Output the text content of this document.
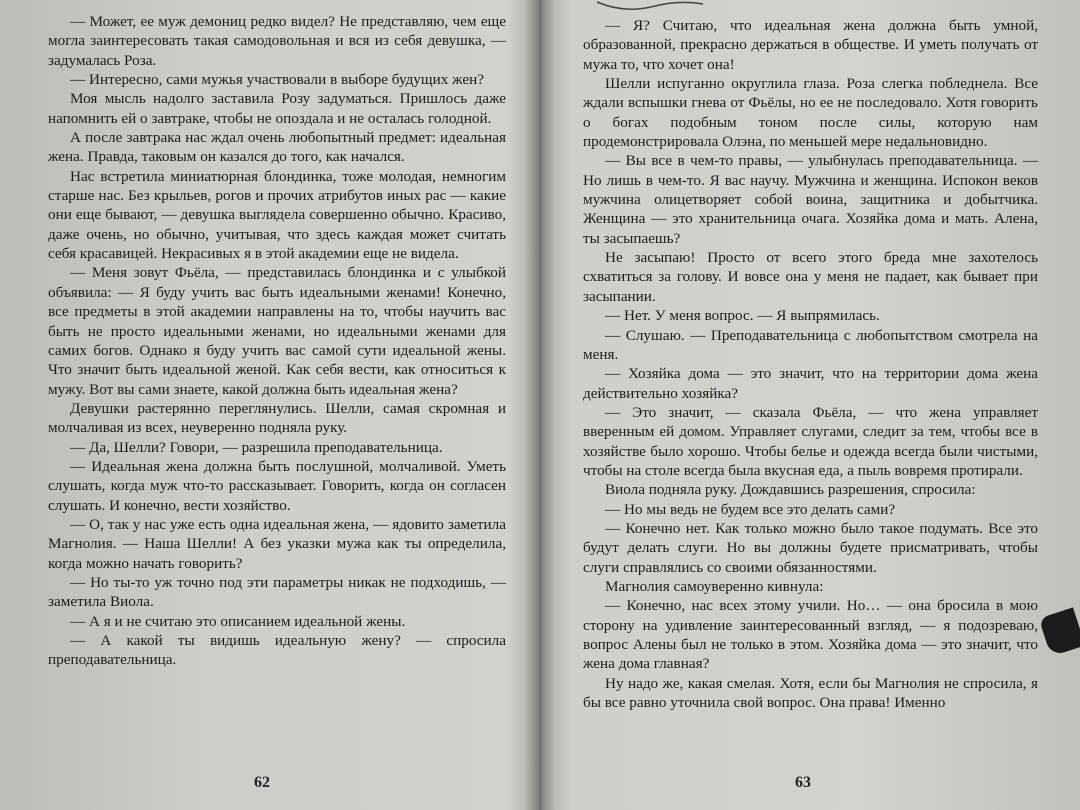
— Может, ее муж демониц редко видел? Не представляю, чем еще могла заинтересовать такая самодовольная и вся из себя девушка, — задумалась Роза.

— Интересно, сами мужья участвовали в выборе будущих жен?

Моя мысль надолго заставила Розу задуматься. Пришлось даже напомнить ей о завтраке, чтобы не опоздала и не осталась голодной.

А после завтрака нас ждал очень любопытный предмет: идеальная жена. Правда, таковым он казался до того, как начался.

Нас встретила миниатюрная блондинка, тоже молодая, немногим старше нас. Без крыльев, рогов и прочих атрибутов иных рас — какие они еще бывают, — девушка выглядела совершенно обычно. Красиво, даже очень, но обычно, учитывая, что здесь каждая может считать себя красавицей. Некрасивых я в этой академии еще не видела.

— Меня зовут Фьёла, — представилась блондинка и с улыбкой объявила: — Я буду учить вас быть идеальными женами! Конечно, все предметы в этой академии направлены на то, чтобы научить вас быть не просто идеальными женами, но идеальными женами для самих богов. Однако я буду учить вас самой сути идеальной жены. Что значит быть идеальной женой. Как себя вести, как относиться к мужу. Вот вы сами знаете, какой должна быть идеальная жена?

Девушки растерянно переглянулись. Шелли, самая скромная и молчаливая из всех, неуверенно подняла руку.

— Да, Шелли? Говори, — разрешила преподавательница.

— Идеальная жена должна быть послушной, молчаливой. Уметь слушать, когда муж что-то рассказывает. Говорить, когда он согласен слушать. И конечно, вести хозяйство.

— О, так у нас уже есть одна идеальная жена, — ядовито заметила Магнолия. — Наша Шелли! А без указки мужа как ты определила, когда можно начать говорить?

— Но ты-то уж точно под эти параметры никак не подходишь, — заметила Виола.

— А я и не считаю это описанием идеальной жены.

— А какой ты видишь идеальную жену? — спросила преподавательница.

62

— Я? Считаю, что идеальная жена должна быть умной, образованной, прекрасно держаться в обществе. И уметь получать от мужа то, что хочет она!

Шелли испуганно округлила глаза. Роза слегка побледнела. Все ждали вспышки гнева от Фьёлы, но ее не последовало. Хотя говорить о богах подобным тоном после силы, которую нам продемонстрировала Олэна, по меньшей мере недальновидно.

— Вы все в чем-то правы, — улыбнулась преподавательница. — Но лишь в чем-то. Я вас научу. Мужчина и женщина. Испокон веков мужчина олицетворяет собой воина, защитника и добытчика. Женщина — это хранительница очага. Хозяйка дома и мать. Алена, ты засыпаешь?

Не засыпаю! Просто от всего этого бреда мне захотелось схватиться за голову. И вовсе она у меня не падает, как бывает при засыпании.

— Нет. У меня вопрос. — Я выпрямилась.

— Слушаю. — Преподавательница с любопытством смотрела на меня.

— Хозяйка дома — это значит, что на территории дома жена действительно хозяйка?

— Это значит, — сказала Фьёла, — что жена управляет вверенным ей домом. Управляет слугами, следит за тем, чтобы все в хозяйстве было хорошо. Чтобы белье и одежда всегда были чистыми, чтобы на столе всегда была вкусная еда, а пыль вовремя протирали.

Виола подняла руку. Дождавшись разрешения, спросила:

— Но мы ведь не будем все это делать сами?

— Конечно нет. Как только можно было такое подумать. Все это будут делать слуги. Но вы должны будете присматривать, чтобы слуги справлялись со своими обязанностями.

Магнолия самоуверенно кивнула:

— Конечно, нас всех этому учили. Но… — она бросила в мою сторону на удивление заинтересованный взгляд, — я подозреваю, вопрос Алены был не только в этом. Хозяйка дома — это значит, что жена дома главная?

Ну надо же, какая смелая. Хотя, если бы Магнолия не спросила, я бы все равно уточнила свой вопрос. Она права! Именно

63
